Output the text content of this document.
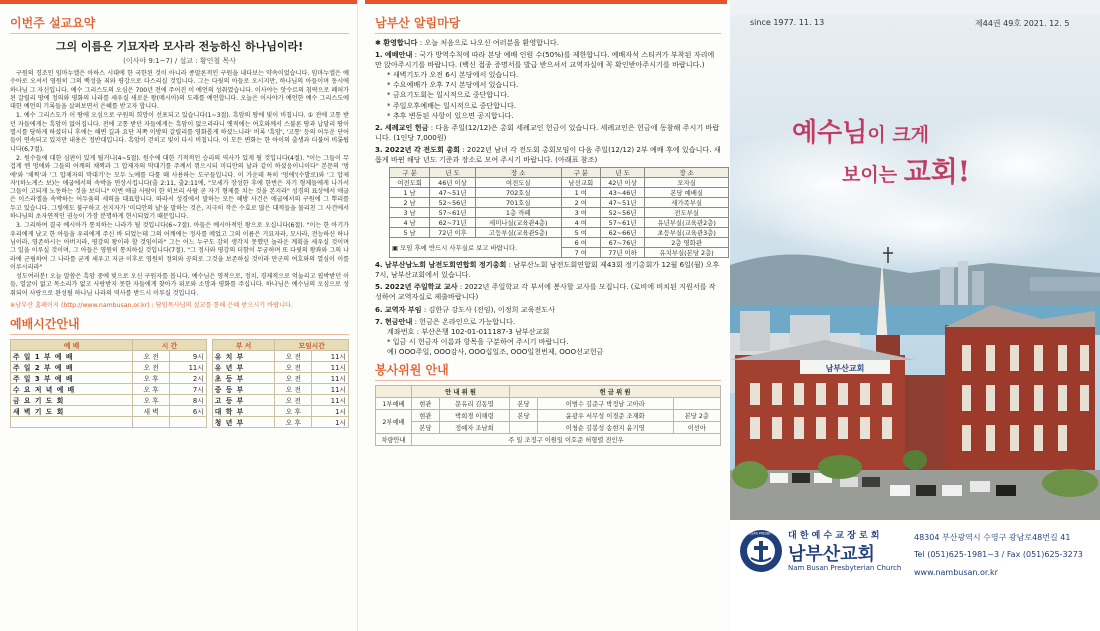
이번주 설교요약
그의 이름은 기묘자라 모사라 전능하신 하나님이라!
(이사야 9:1~7) / 설교 : 황인철 목사

구원의 징조인 임마누엘은 아하스 시대에 한 국한된 것이 아니라 종말론적인 구원을 내다보는 약속이었습니다. 임마누엘은 예수아로 오셔서 영원히 그의 백성을 죄와 평강으로 다스리실 것입니다. 그는 다윗의 아들로 오시지만, 하나님의 아들이며 동시에 하나님 그 자신입니다. 예수 그리스도의 오심은 700년 전에 주어진 이 예언의 성취였습니다. 이사야는 앗수르의 침략으로 폐허가 된 갈릴리 땅에 정의와 평화의 나라를 세우실 새로운 왕(메시아)의 도래를 예언합니다. 오늘은 이사야가 예언한 예수 그리스도에 대한 예언의 기록들을 살펴보면서 은혜를 받고자 합니다.

1. 예수 그리스도가 이 땅에 오심으로 구원의 희망이 선포되고 있습니다(1~3절). 흑암의 땅에 빛이 비칩니다. ① 전에 고통 받던 자들에게는 흑암이 없어집니다. 전에 고통 받던 자들에게는 흑암이 없으리라니 옛적에는 여호와께서 스불론 땅과 납달리 땅이 멸시를 당하게 하셨더니 후에는 해변 길과 요단 저쪽 이방의 갈릴리를 영화롭게 하셨느니라' 비록 '흑암', '고통' 등의 어두운 단어들이 연속되고 있지만 내용은 정반대입니다. 흑암이 걷히고 빛이 다시 비칩니다. 이 모든 변화는 한 아이의 출생과 더불어 비롯됩니다(6,7절).

2. 원수들에 대한 심판이 있게 될거니(4~5절). 원수에 대한 기적적인 승리의 역사가 있게 될 것입니다(4절). "이는 그들이 무겁게 멘 멍에와 그들의 어깨의 채찍과 그 압제자의 막대기를 주께서 꺾으시되 미디안의 날과 같이 하셨음이니이다" 본문의 '멍에'와 '채찍'과 '그 압제자의 막대기'는 모두 노예를 다룰 때 사용하는 도구들입니다. 이 가운데 특히 '멍에'(수발로)와 '그 압제자'(하노게스 보)는 애굽에서의 속박을 연상시킵니다(출 2:11, 출2:11에, "모세가 장성한 후에 한번은 자기 형제들에게 나가서 그들이 고되게 노동하는 것을 보더니" 이번 애굽 사람이 한 히브리 사람 곧 자기 형제를 치는 것을 본지라" 성경의 표상에서 애굽은 이스라엘을 속박하는 어두움의 세력을 대표합니다. 따라서 성경에서 말하는 모든 해방 사건은 애굽에서의 구원에 그 뿌리를 두고 있습니다. 그렇에도 불구하고 선지자가 '미디안의 날'을 말하는 것은, 지극히 작은 수효로 많은 대적들을 물리친 그 사건에서 하나님의 초자연적인 권능이 가장 분명하게 현시되었기 때문입니다.

3. 그리하여 결국 예시아가 통치하는 나라가 될 것입니다(6~7절). 아들은 예시아적인 왕으로 오십니다(6절). "이는 한 아기가 우리에게 났고 한 아들을 우리에게 주신 바 되었는데 그의 어깨에는 정사를 메었고 그의 이름은 기묘자라, 모사라, 전능하신 하나님이라, 영존하시는 아버지라, 평강의 왕이라 할 것임이라" 그는 어느 누구도 감히 생각지 못했던 놀라운 계획을 세우실 것이며 그 일을 이루실 것이며, 그 아들은 영원히 통치하실 것입니다(7절). "그 정사와 평강의 더함이 무궁하며 또 다윗의 왕좌와 그의 나라에 군림하여 그 나라를 굳게 세우고 지금 이후로 영원히 정의와 공의로 그것을 보존하실 것이라 만군의 여호와의 열심이 이를 이루시리라"

성도여러분! 오늘 말씀은 흑암 중에 빛으로 오신 구원자를 봅니다. 예수님은 영적으로, 정치, 경제적으로 억눌리고 핍박받던 이들, 얼굴이 없고 목소리가 없고 사랑받지 못한 자들에게 찾아가 위로와 소망과 평화를 주십니다. 하나님은 예수님의 오심으로 성취되어 사랑으로 완성될 하나님 나라의 역사를 받드시 이루실 것입니다.

※남부산 홈페이지 (http://www.nambusan.or.kr) : 담임목사님의 설교를 통해 은혜 받으시기 바랍니다.
예배시간안내
예 배	시 간			부 서	모임시간	
주 일 1 부 예 배	오 전	9시		유 치 부	오 전	11시
주 일 2 부 예 배	오 전	11시		유 년 부	오 전	11시
주 일 3 부 예 배	오 후	2시		초 등 부	오 전	11시
수 요 저 녁 예 배	오 후	7시		중 등 부	오 전	11시
금 요 기 도 회	오 후	8시		고 등 부	오 전	11시
새 벽 기 도 회	새 벽	6시		대 학 부	오 후	1시
				청 년 부	오 후	1시
남부산 알림마당
✱ 환영합니다 : 오늘 처음으로 나오신 여러분을 환영합니다.
1. 예배안내 : 국가 방역수칙에 따라 본당 예배 인원 수(50%)를 제한합니다. 예배자석 스티커가 부착된 자리에만 앉아주시기를 바랍니다. (백신 접종 증명서를 발급 받으셔서 교역자실에 꼭 확인받아주시기를 바랍니다.)
* 새벽기도가 오전 6시 본당에서 있습니다.
* 수요예배가 오후 7시 본당에서 있습니다.
* 금요기도회는 일시적으로 중단합니다.
* 주일오후예배는 일시적으로 중단합니다.
* 추후 변동된 사항이 있으면 공지합니다.
2. 세례교인 헌금 : 다음 주일(12/12)은 총회 세례교인 헌금이 있습니다. 세례교인은 헌금에 동참해 주시기 바랍니다. (1인당 7,000원)
3. 2022년 각 전도회 총회 : 2022년 남녀 각 전도회 총회모임이 다음 주일(12/12) 2부 예배 후에 있습니다. 새롭게 바뀐 해당 년도 기준과 장소로 모여 주시기 바랍니다. (아래표 참조)
구 분	년 도	장 소	구 분	년 도	장 소
여전도회	46년 이상	여전도실	남선교회	42년 이상	모자실
1 남	47~51년	702호실	1 여	43~46년	본당 예배실
2 남	52~56년	701호실	2 여	47~51년	새가족부실
3 남	57~61년	1층 까페	3 여	52~56년	전도부실
4 남	62~71년	세미나실(교육관4층)	4 여	57~61년	유년부실(교육관2층)
5 남	72년 이후	고등부실(교육관5층)	5 여	62~66년	초등부실(교육관3층)
▣ 모임 후에 반드시 사무실로 보고 바랍니다.			6 여	67~76년	2층 영화관
			7 여	77년 이하	유치부실(본당 2층)
4. 남부산남노회 남전도회연합회 정기총회 : 남부산노회 남전도회연합회 제43회 정기총회가 12월 6일(월) 오후 7시, 남부산교회에서 있습니다.
5. 2022년 주일학교 교사 : 2022년 주일학교 각 부서에 봉사할 교사를 모집니다. (로비에 비치된 지원서를 작성하여 교역자실로 제출바랍니다)
6. 교역자 부임 : 김한규 강도사 (전임), 이정희 교육전도사
7. 현금안내 : 헌금은 온라인으로 가능합니다.
계좌번호 : 부산은행 102-01-011187-3 남부산교회
* 입금 시 헌금자 이름과 항목을 구분하여 주시기 바랍니다.
예) OOO주일, OOO감사, OOO십일조, OOO일천번제, OOO선교헌금
봉사위원 안내
	안 내 위 원		헌 금 위 원		
1부예배	현관	문유리 김동엽	본당	이범수 김준구 박정남 고아라	
2부예배	현관	박희경 이해령	본당	윤광우 서무성 이경준 조재화	본당 2층
	본당	정예자 조남희		이청순 김봉성 송현지 윤기영	이선아
차량안내	주 일 조정구 이원일 이호준 허형렬 전인우				
남부산교회
since 1977. 11. 13	제44권 49호 2021. 12. 5
예수님이 크게
보이는 교회!
NAMBUSAN PRESBYTERIAN 대 한 예 수 교 장 로 회
남부산교회
Nam Busan Presbyterian Church
48304 부산광역시 수영구 광남로48번길 41
Tel (051)625-1981~3 / Fax (051)625-3273
www.nambusan.or.kr
